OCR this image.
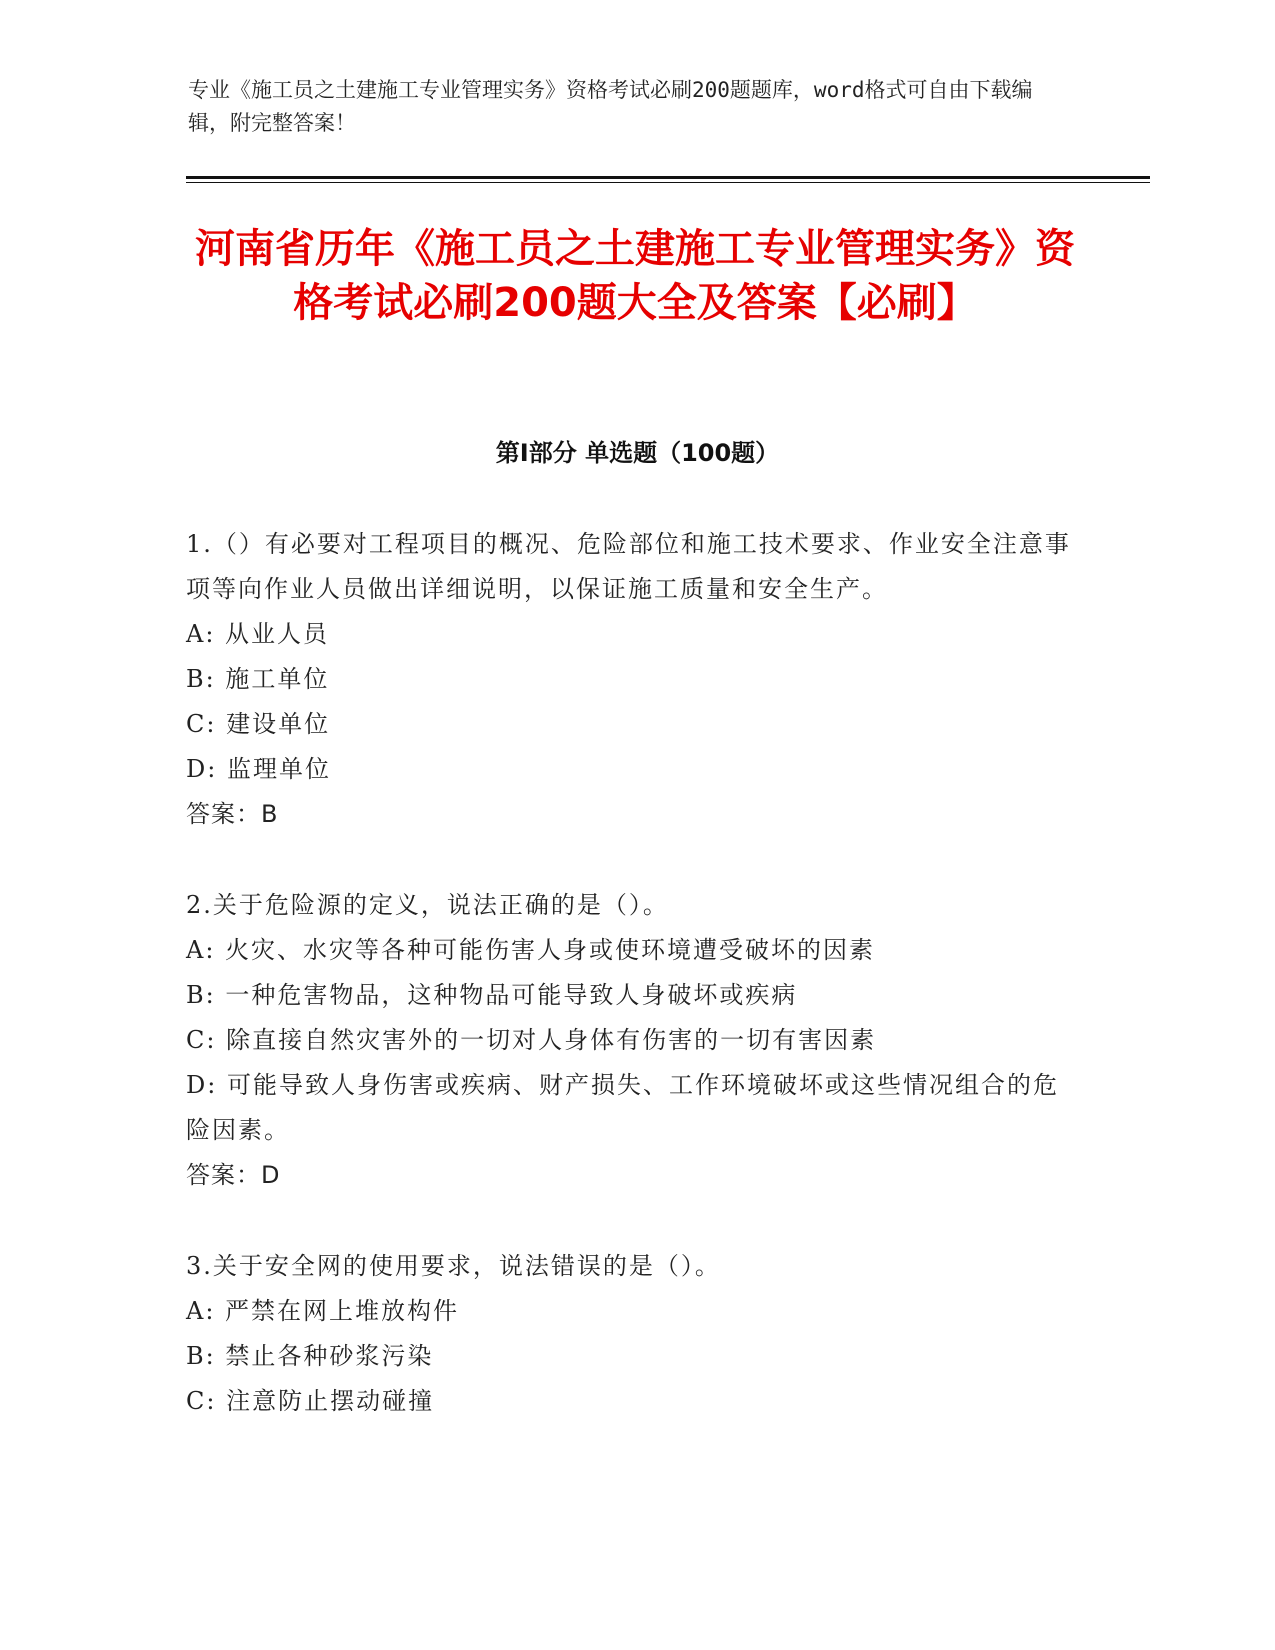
专业《施工员之土建施工专业管理实务》资格考试必刷200题题库，word格式可自由下载编辑，附完整答案！
河南省历年《施工员之土建施工专业管理实务》资格考试必刷200题大全及答案【必刷】
第Ⅰ部分 单选题（100题）
1.（）有必要对工程项目的概况、危险部位和施工技术要求、作业安全注意事项等向作业人员做出详细说明，以保证施工质量和安全生产。
A: 从业人员
B: 施工单位
C: 建设单位
D: 监理单位
答案：B
2.关于危险源的定义，说法正确的是（）。
A: 火灾、水灾等各种可能伤害人身或使环境遭受破坏的因素
B: 一种危害物品，这种物品可能导致人身破坏或疾病
C: 除直接自然灾害外的一切对人身体有伤害的一切有害因素
D: 可能导致人身伤害或疾病、财产损失、工作环境破坏或这些情况组合的危险因素。
答案：D
3.关于安全网的使用要求，说法错误的是（）。
A: 严禁在网上堆放构件
B: 禁止各种砂浆污染
C: 注意防止摆动碰撞
